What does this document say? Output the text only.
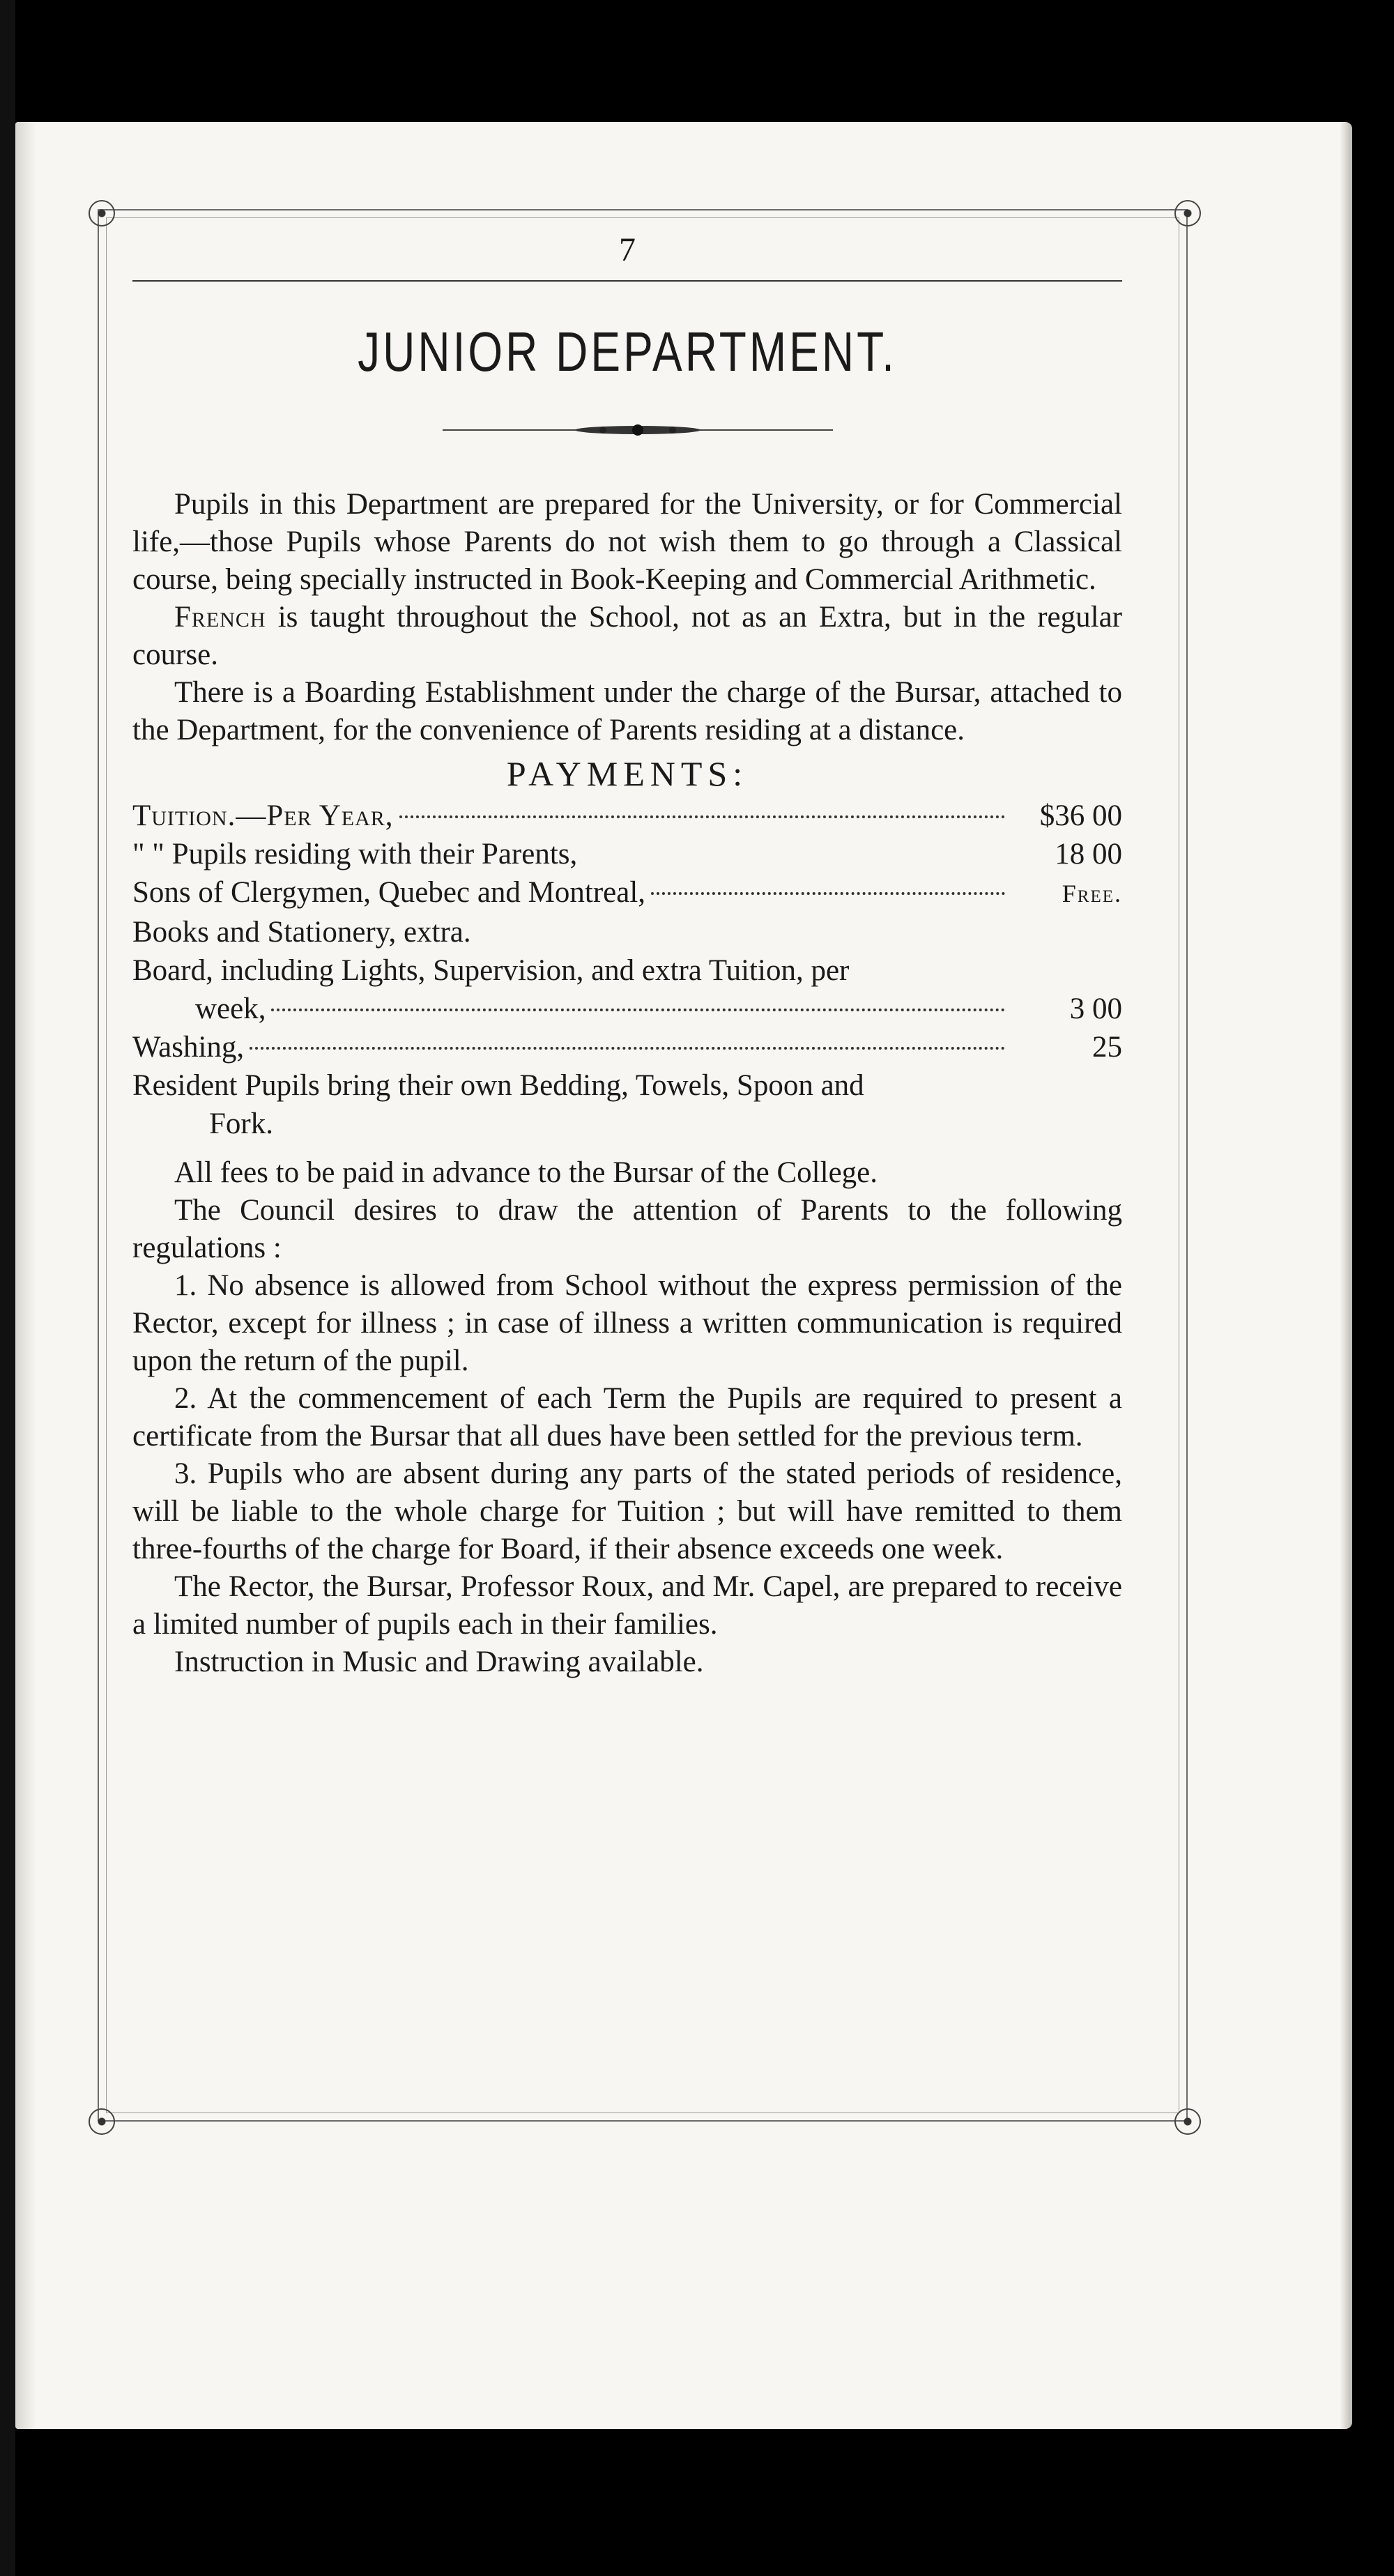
7
JUNIOR DEPARTMENT.

Pupils in this Department are prepared for the University, or for Commercial life,—those Pupils whose Parents do not wish them to go through a Classical course, being specially instructed in Book-Keeping and Commercial Arithmetic.

French is taught throughout the School, not as an Extra, but in the regular course.

There is a Boarding Establishment under the charge of the Bursar, attached to the Department, for the convenience of Parents residing at a distance.

PAYMENTS:
Tuition.—Per Year,	$36 00
" " Pupils residing with their Parents,	18 00
Sons of Clergymen, Quebec and Montreal,	Free.
Books and Stationery, extra.
Board, including Lights, Supervision, and extra Tuition, per
week,	3 00
Washing,	25
Resident Pupils bring their own Bedding, Towels, Spoon and
Fork.

All fees to be paid in advance to the Bursar of the College.

The Council desires to draw the attention of Parents to the following regulations :

1. No absence is allowed from School without the express permission of the Rector, except for illness ; in case of illness a written communication is required upon the return of the pupil.

2. At the commencement of each Term the Pupils are required to present a certificate from the Bursar that all dues have been settled for the previous term.

3. Pupils who are absent during any parts of the stated periods of residence, will be liable to the whole charge for Tuition ; but will have remitted to them three-fourths of the charge for Board, if their absence exceeds one week.

The Rector, the Bursar, Professor Roux, and Mr. Capel, are prepared to receive a limited number of pupils each in their families.

Instruction in Music and Drawing available.
